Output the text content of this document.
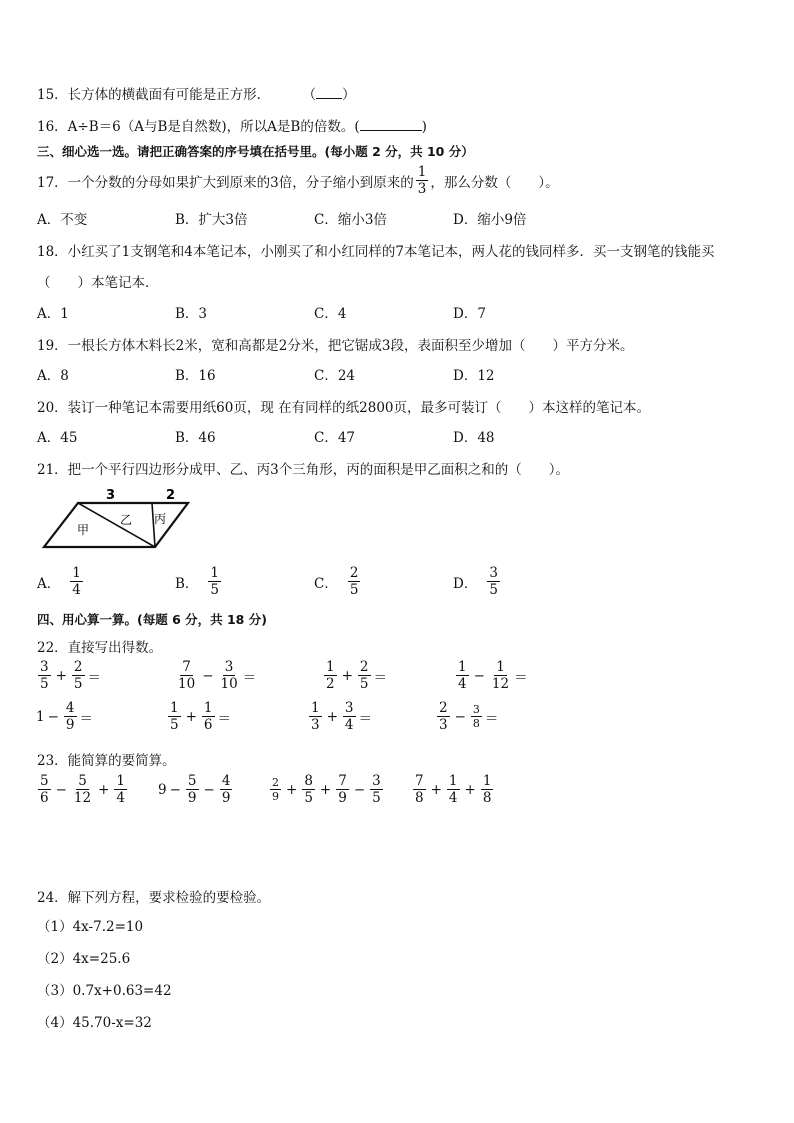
15．长方体的横截面有可能是正方形． （ ）
16．A÷B＝6（A与B是自然数)，所以A是B的倍数。(	)
三、细心选一选。请把正确答案的序号填在括号里。(每小题 2 分，共 10 分）
17．一个分数的分母如果扩大到原来的3倍，分子缩小到原来的 $\frac{1}{3}$ ，那么分数（　　）。
A．不变	B．扩大3倍	C．缩小3倍	D．缩小9倍
18．小红买了1支钢笔和4本笔记本，小刚买了和小红同样的7本笔记本，两人花的钱同样多．买一支钢笔的钱能买
（　　）本笔记本．
A．1	B．3	C．4	D．7
19．一根长方体木料长2米，宽和高都是2分米，把它锯成3段，表面积至少增加（　　）平方分米。
A．8	B．16	C．24	D．12
20．装订一种笔记本需要用纸60页，现 在有同样的纸2800页，最多可装订（　　）本这样的笔记本。
A．45	B．46	C．47	D．48
21．把一个平行四边形分成甲、乙、丙3个三角形，丙的面积是甲乙面积之和的（　　）。
3	2
甲
乙 丙
A． $\frac{1}{4}$	B． $\frac{1}{5}$	C． $\frac{2}{5}$	D． $\frac{3}{5}$
四、用心算一算。(每题 6 分，共 18 分)
22．直接写出得数。
$\frac{3}{5} + \frac{2}{5}$ ＝	$\frac{7}{10} - \frac{3}{10}$ ＝	$\frac{1}{2} + \frac{2}{5}$ ＝	$\frac{1}{4} - \frac{1}{12}$ ＝
$1 - \frac{4}{9}$ ＝	$\frac{1}{5} + \frac{1}{6}$ ＝	$\frac{1}{3} + \frac{3}{4}$ ＝	$\frac{2}{3} - \frac{3}{8}$ ＝
23．能简算的要简算。
$\frac{5}{6} - \frac{5}{12} + \frac{1}{4} 9 - \frac{5}{9} - \frac{4}{9}$	$\frac{2}{9} + \frac{8}{5} + \frac{7}{9} - \frac{3}{5} \frac{7}{8} + \frac{1}{4} + \frac{1}{8}$
24．解下列方程，要求检验的要检验。
（1）4x-7.2=10
（2）4x=25.6
（3）0.7x+0.63=42
（4）45.70-x=32
